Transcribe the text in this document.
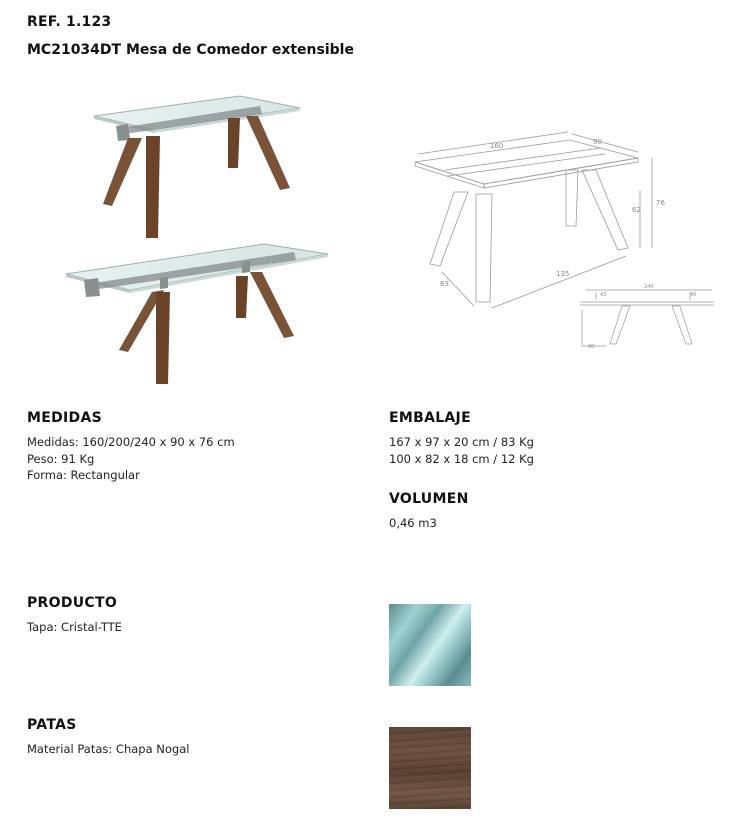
REF. 1.123
MC21034DT Mesa de Comedor extensible
160	90
76
62
135
63	240
43	40
90
MEDIDAS
Medidas: 160/200/240 x 90 x 76 cm
Peso: 91 Kg
Forma: Rectangular
EMBALAJE
167 x 97 x 20 cm / 83 Kg
100 x 82 x 18 cm / 12 Kg
VOLUMEN
0,46 m3
PRODUCTO
Tapa: Cristal-TTE
PATAS
Material Patas: Chapa Nogal
